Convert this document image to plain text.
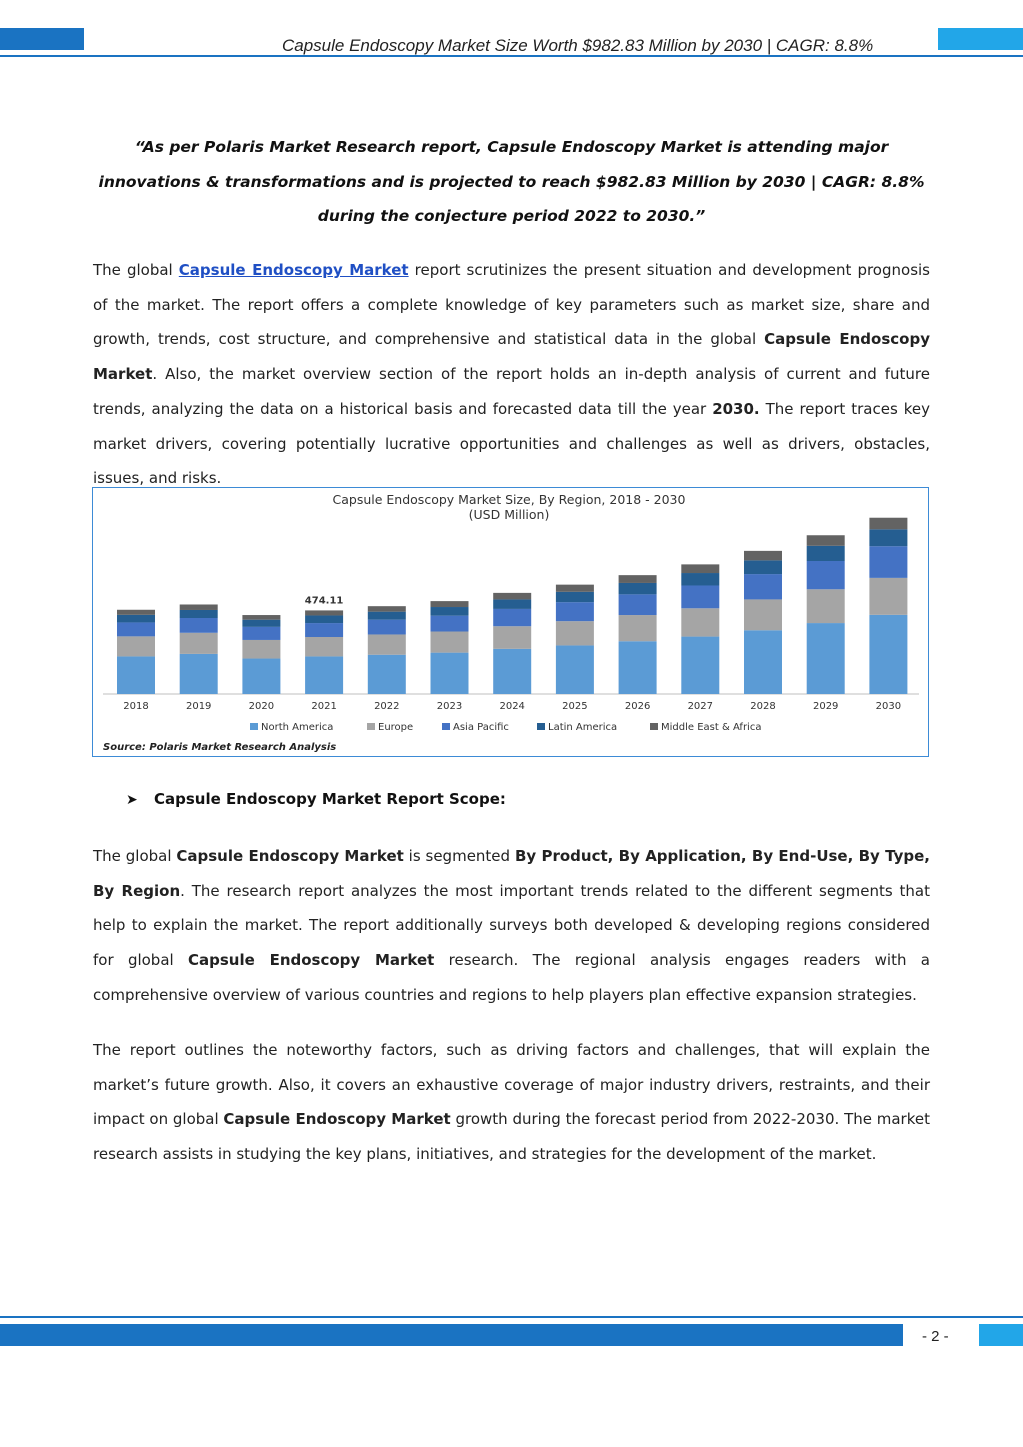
Capsule Endoscopy Market Size Worth $982.83 Million by 2030 | CAGR: 8.8%
“As per Polaris Market Research report, Capsule Endoscopy Market is attending major innovations & transformations and is projected to reach $982.83 Million by 2030 | CAGR: 8.8% during the conjecture period 2022 to 2030.”
The global Capsule Endoscopy Market report scrutinizes the present situation and development prognosis of the market. The report offers a complete knowledge of key parameters such as market size, share and growth, trends, cost structure, and comprehensive and statistical data in the global Capsule Endoscopy Market. Also, the market overview section of the report holds an in-depth analysis of current and future trends, analyzing the data on a historical basis and forecasted data till the year 2030. The report traces key market drivers, covering potentially lucrative opportunities and challenges as well as drivers, obstacles, issues, and risks.
Capsule Endoscopy Market Size, By Region, 2018 - 2030
(USD Million)
2018	2019	2020	2021	2022	2023	2024	2025	2026	2027	2028	2029	2030
474.11
North America	Europe	Asia Pacific	Latin America	Middle East & Africa
Source: Polaris Market Research Analysis
➤ Capsule Endoscopy Market Report Scope:
The global Capsule Endoscopy Market is segmented By Product, By Application, By End-Use, By Type, By Region. The research report analyzes the most important trends related to the different segments that help to explain the market. The report additionally surveys both developed & developing regions considered for global Capsule Endoscopy Market research. The regional analysis engages readers with a comprehensive overview of various countries and regions to help players plan effective expansion strategies.
The report outlines the noteworthy factors, such as driving factors and challenges, that will explain the market’s future growth. Also, it covers an exhaustive coverage of major industry drivers, restraints, and their impact on global Capsule Endoscopy Market growth during the forecast period from 2022-2030. The market research assists in studying the key plans, initiatives, and strategies for the development of the market.
- 2 -
